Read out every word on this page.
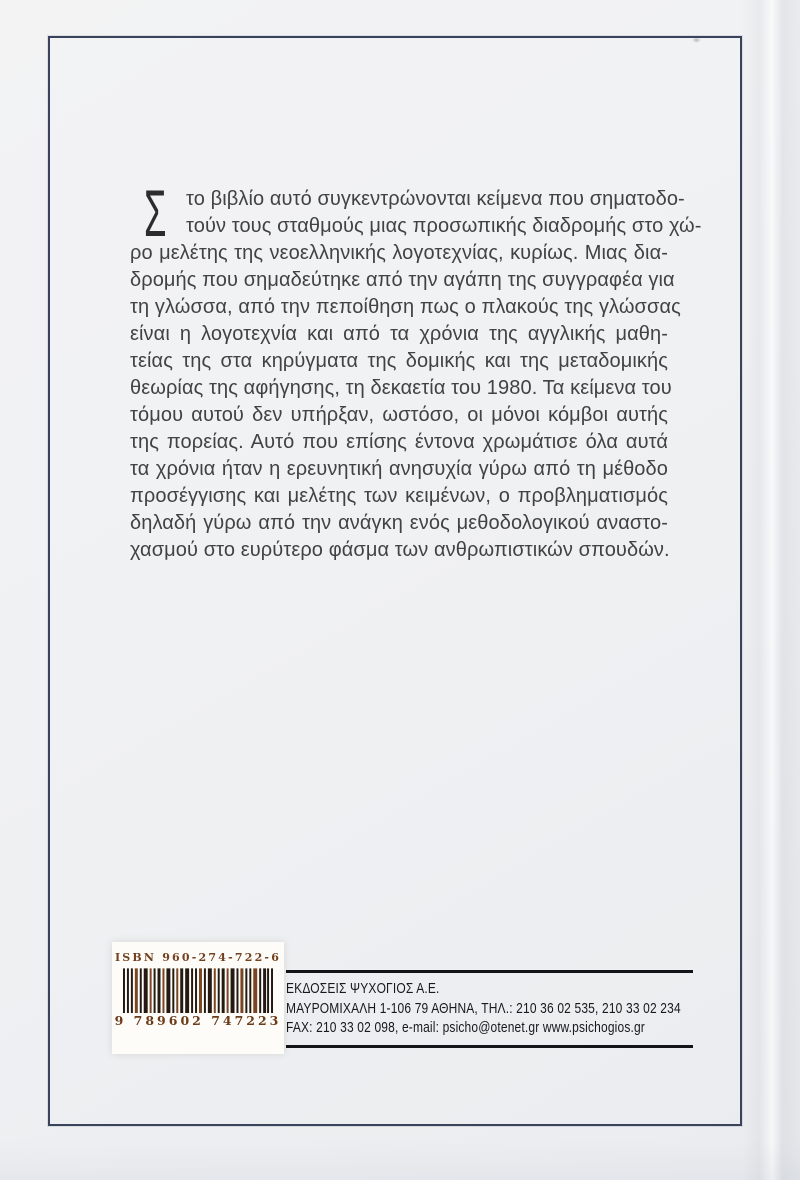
Σ το βιβλίο αυτό συγκεντρώνονται κείμενα που σηματοδο-
τούν τους σταθμούς μιας προσωπικής διαδρομής στο χώ-
ρο μελέτης της νεοελληνικής λογοτεχνίας, κυρίως. Μιας δια-
δρομής που σημαδεύτηκε από την αγάπη της συγγραφέα για
τη γλώσσα, από την πεποίθηση πως ο πλακούς της γλώσσας
είναι η λογοτεχνία και από τα χρόνια της αγγλικής μαθη-
τείας της στα κηρύγματα της δομικής και της μεταδομικής
θεωρίας της αφήγησης, τη δεκαετία του 1980. Τα κείμενα του
τόμου αυτού δεν υπήρξαν, ωστόσο, οι μόνοι κόμβοι αυτής
της πορείας. Αυτό που επίσης έντονα χρωμάτισε όλα αυτά
τα χρόνια ήταν η ερευνητική ανησυχία γύρω από τη μέθοδο
προσέγγισης και μελέτης των κειμένων, ο προβληματισμός
δηλαδή γύρω από την ανάγκη ενός μεθοδολογικού αναστο-
χασμού στο ευρύτερο φάσμα των ανθρωπιστικών σπουδών.
ISBN 960-274-722-6
9 789602 747223
ΕΚΔΟΣΕΙΣ ΨΥΧΟΓΙΟΣ Α.Ε.
ΜΑΥΡΟΜΙΧΑΛΗ 1-106 79 ΑΘΗΝΑ, ΤΗΛ.: 210 36 02 535, 210 33 02 234
FAX: 210 33 02 098, e-mail: psicho@otenet.gr www.psichogios.gr
